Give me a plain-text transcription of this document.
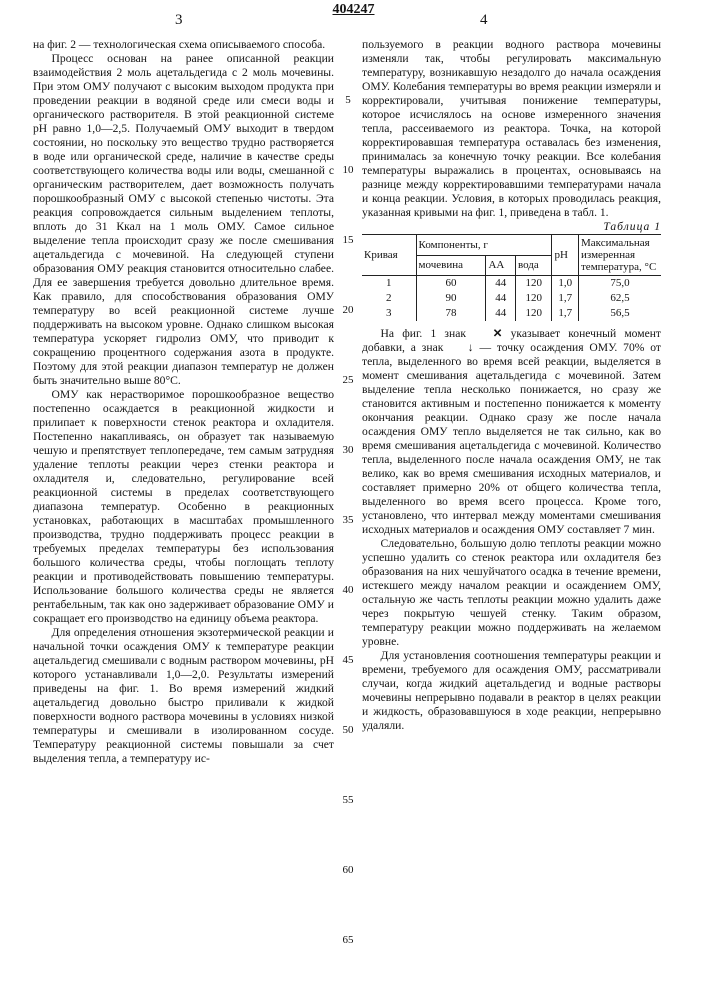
404247
3	4
5
10
15
20
25
30
35
40
45
50
55
60
65

на фиг. 2 — технологическая схема описываемого способа.

Процесс основан на ранее описанной реакции взаимодействия 2 моль ацетальдегида с 2 моль мочевины. При этом ОМУ получают с высоким выходом продукта при проведении реакции в водяной среде или смеси воды и органического растворителя. В этой реакционной системе pH равно 1,0—2,5. Получаемый ОМУ выходит в твердом состоянии, но поскольку это вещество трудно растворяется в воде или органической среде, наличие в качестве среды соответствующего количества воды или воды, смешанной с органическим растворителем, дает возможность получать порошкообразный ОМУ с высокой степенью чистоты. Эта реакция сопровождается сильным выделением теплоты, вплоть до 31 Ккал на 1 моль ОМУ. Самое сильное выделение тепла происходит сразу же после смешивания ацетальдегида с мочевиной. На следующей ступени образования ОМУ реакция становится относительно слабее. Для ее завершения требуется довольно длительное время. Как правило, для способствования образования ОМУ температуру во всей реакционной системе лучше поддерживать на высоком уровне. Однако слишком высокая температура ускоряет гидролиз ОМУ, что приводит к сокращению процентного содержания азота в продукте. Поэтому для этой реакции диапазон температур не должен быть значительно выше 80°С.

ОМУ как нерастворимое порошкообразное вещество постепенно осаждается в реакционной жидкости и прилипает к поверхности стенок реактора и охладителя. Постепенно накапливаясь, он образует так называемую чешую и препятствует теплопередаче, тем самым затрудняя удаление теплоты реакции через стенки реактора и охладителя и, следовательно, регулирование всей реакционной системы в пределах соответствующего диапазона температур. Особенно в реакционных установках, работающих в масштабах промышленного производства, трудно поддерживать процесс реакции в требуемых пределах температуры без использования большого количества среды, чтобы поглощать теплоту реакции и противодействовать повышению температуры. Использование большого количества среды не является рентабельным, так как оно задерживает образование ОМУ и сокращает его производство на единицу объема реактора.

Для определения отношения экзотермической реакции и начальной точки осаждения ОМУ к температуре реакции ацетальдегид смешивали с водным раствором мочевины, pH которого устанавливали 1,0—2,0. Результаты измерений приведены на фиг. 1. Во время измерений жидкий ацетальдегид довольно быстро приливали к жидкой поверхности водного раствора мочевины в условиях низкой температуры и смешивали в изолированном сосуде. Температуру реакционной системы повышали за счет выделения тепла, а температуру ис-

пользуемого в реакции водного раствора мочевины изменяли так, чтобы регулировать максимальную температуру, возникавшую незадолго до начала осаждения ОМУ. Колебания температуры во время реакции измеряли и корректировали, учитывая понижение температуры, которое исчислялось на основе измеренного значения тепла, рассеиваемого из реактора. Точка, на которой корректировавшая температура оставалась без изменения, принималась за конечную точку реакции. Все колебания температуры выражались в процентах, основываясь на разнице между корректировавшими температурами начала и конца реакции. Условия, в которых проводилась реакция, указанная кривыми на фиг. 1, приведена в табл. 1.

Таблица 1

Кривая	Компоненты, г	pH	Максимальная измеренная температура, °С
мочевина	АА	вода
1	60	44	120	1,0	75,0
2	90	44	120	1,7	62,5
3	78	44	120	1,7	56,5

На фиг. 1 знак ✕ указывает конечный момент добавки, а знак ↓ — точку осаждения ОМУ. 70% от тепла, выделенного во время всей реакции, выделяется в момент смешивания ацетальдегида с мочевиной. Затем выделение тепла несколько понижается, но сразу же становится активным и постепенно понижается к моменту окончания реакции. Однако сразу же после начала осаждения ОМУ тепло выделяется не так сильно, как во время смешивания ацетальдегида с мочевиной. Количество тепла, выделенного после начала осаждения ОМУ, не так велико, как во время смешивания исходных материалов, и составляет примерно 20% от общего количества тепла, выделенного во время всего процесса. Кроме того, установлено, что интервал между моментами смешивания исходных материалов и осаждения ОМУ составляет 7 мин.

Следовательно, большую долю теплоты реакции можно успешно удалить со стенок реактора или охладителя без образования на них чешуйчатого осадка в течение времени, истекшего между началом реакции и осаждением ОМУ, остальную же часть теплоты реакции можно удалить даже через покрытую чешуей стенку. Таким образом, температуру реакции можно поддерживать на желаемом уровне.

Для установления соотношения температуры реакции и времени, требуемого для осаждения ОМУ, рассматривали случаи, когда жидкий ацетальдегид и водные растворы мочевины непрерывно подавали в реактор в целях реакции и жидкость, образовавшуюся в ходе реакции, непрерывно удаляли.
